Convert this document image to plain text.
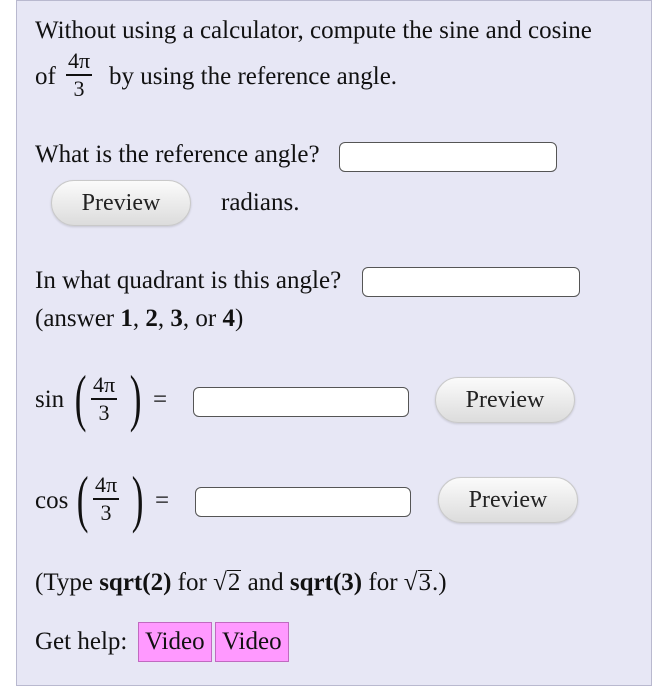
Without using a calculator, compute the sine and cosine
of
4π
3 by using the reference angle.
What is the reference angle?
Preview	radians.
In what quadrant is this angle?
(answer 1, 2, 3, or 4)
sin ( 4π
3 ) =	Preview
cos ( 4π
3 ) =	Preview
(Type sqrt(2) for √2 and sqrt(3) for √3.)
Get help: Video Video
